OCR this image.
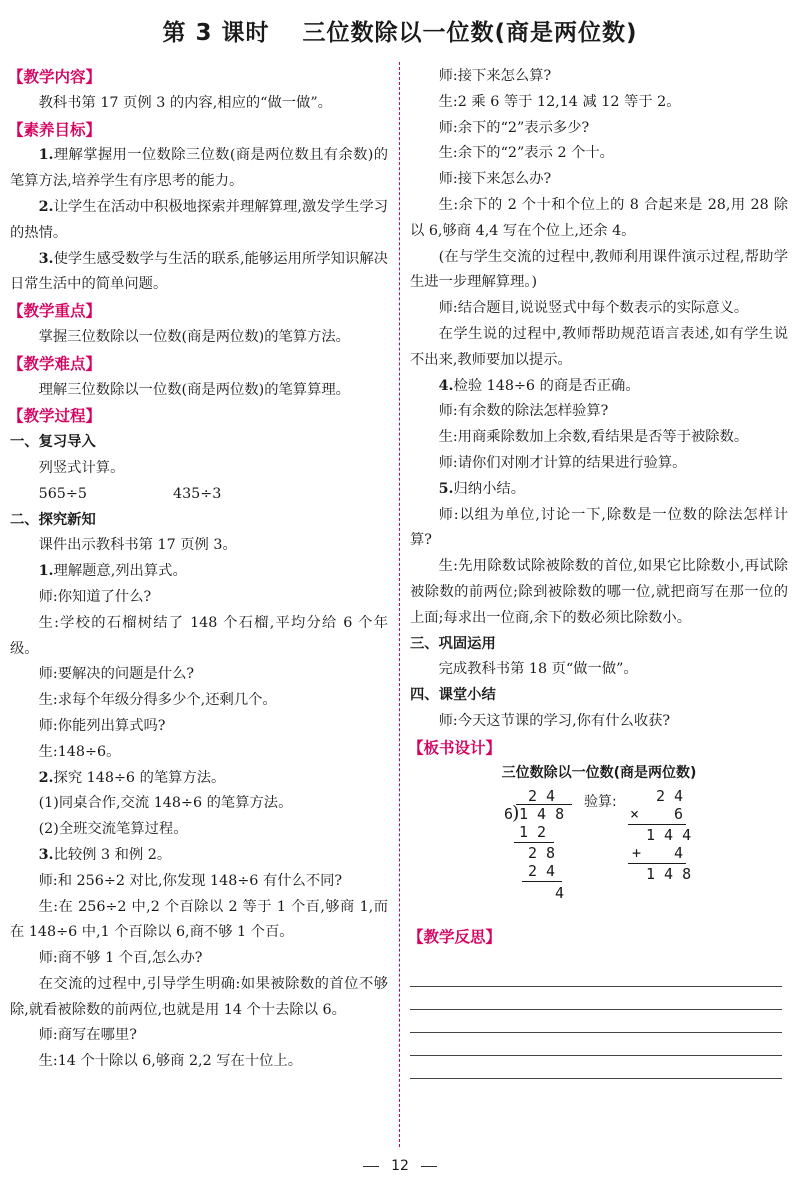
第 3 课时　 三位数除以一位数(商是两位数)

【教学内容】

教科书第 17 页例 3 的内容,相应的“做一做”。

【素养目标】

1.理解掌握用一位数除三位数(商是两位数且有余数)的笔算方法,培养学生有序思考的能力。

2.让学生在活动中积极地探索并理解算理,激发学生学习的热情。

3.使学生感受数学与生活的联系,能够运用所学知识解决日常生活中的简单问题。

【教学重点】

掌握三位数除以一位数(商是两位数)的笔算方法。

【教学难点】

理解三位数除以一位数(商是两位数)的笔算算理。

【教学过程】

一、复习导入

列竖式计算。

565÷5	435÷3

二、探究新知

课件出示教科书第 17 页例 3。

1.理解题意,列出算式。

师:你知道了什么?

生:学校的石榴树结了 148 个石榴,平均分给 6 个年级。

师:要解决的问题是什么?

生:求每个年级分得多少个,还剩几个。

师:你能列出算式吗?

生:148÷6。

2.探究 148÷6 的笔算方法。

(1)同桌合作,交流 148÷6 的笔算方法。

(2)全班交流笔算过程。

3.比较例 3 和例 2。

师:和 256÷2 对比,你发现 148÷6 有什么不同?

生:在 256÷2 中,2 个百除以 2 等于 1 个百,够商 1,而在 148÷6 中,1 个百除以 6,商不够 1 个百。

师:商不够 1 个百,怎么办?

在交流的过程中,引导学生明确:如果被除数的首位不够除,就看被除数的前两位,也就是用 14 个十去除以 6。

师:商写在哪里?

生:14 个十除以 6,够商 2,2 写在十位上。

师:接下来怎么算?

生:2 乘 6 等于 12,14 减 12 等于 2。

师:余下的“2”表示多少?

生:余下的“2”表示 2 个十。

师:接下来怎么办?

生:余下的 2 个十和个位上的 8 合起来是 28,用 28 除以 6,够商 4,4 写在个位上,还余 4。

(在与学生交流的过程中,教师利用课件演示过程,帮助学生进一步理解算理。)

师:结合题目,说说竖式中每个数表示的实际意义。

在学生说的过程中,教师帮助规范语言表述,如有学生说不出来,教师要加以提示。

4.检验 148÷6 的商是否正确。

师:有余数的除法怎样验算?

生:用商乘除数加上余数,看结果是否等于被除数。

师:请你们对刚才计算的结果进行验算。

5.归纳小结。

师:以组为单位,讨论一下,除数是一位数的除法怎样计算?

生:先用除数试除被除数的首位,如果它比除数小,再试除被除数的前两位;除到被除数的哪一位,就把商写在那一位的上面;每求出一位商,余下的数必须比除数小。

三、巩固运用

完成教科书第 18 页“做一做”。

四、课堂小结

师:今天这节课的学习,你有什么收获?

【板书设计】

三位数除以一位数(商是两位数)
2 4
6
) 1 4 8
1 2
2 8
2 4
4
验算:	2 4
× 6
1 4 4
+ 4
1 4 8

【教学反思】

12
